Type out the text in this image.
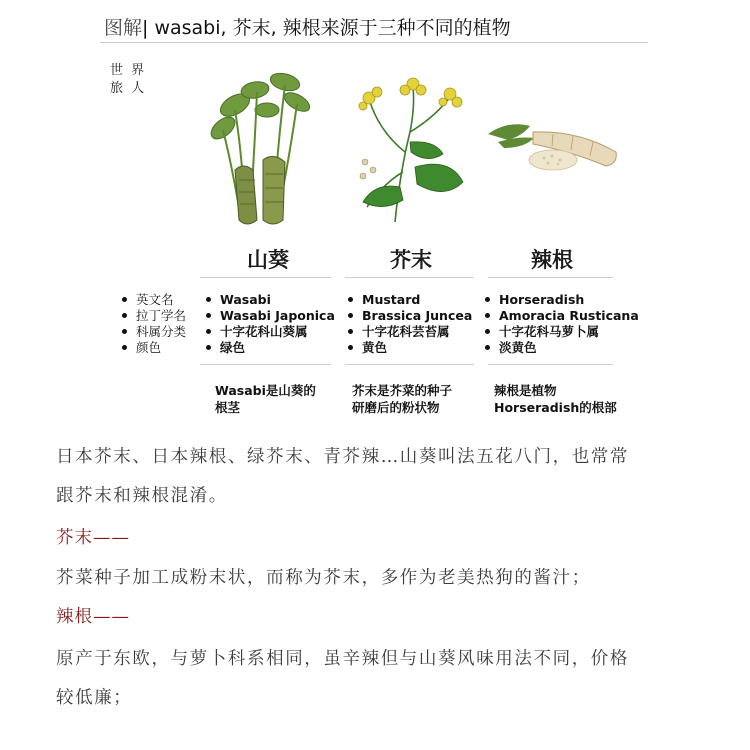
图解| wasabi, 芥末, 辣根来源于三种不同的植物
世 界
旅 人
山葵	芥末	辣根
英文名
拉丁学名
科属分类
颜色
Wasabi
Wasabi Japonica
十字花科山葵属
绿色
Mustard
Brassica Juncea
十字花科芸苔属
黄色
Horseradish
Amoracia Rusticana
十字花科马萝卜属
淡黄色
Wasabi是山葵的
根茎
芥末是芥菜的种子
研磨后的粉状物
辣根是植物
Horseradish的根部
日本芥末、日本辣根、绿芥末、青芥辣…山葵叫法五花八门，也常常
跟芥末和辣根混淆。
芥末——
芥菜种子加工成粉末状，而称为芥末，多作为老美热狗的酱汁；
辣根——
原产于东欧，与萝卜科系相同，虽辛辣但与山葵风味用法不同，价格
较低廉；
